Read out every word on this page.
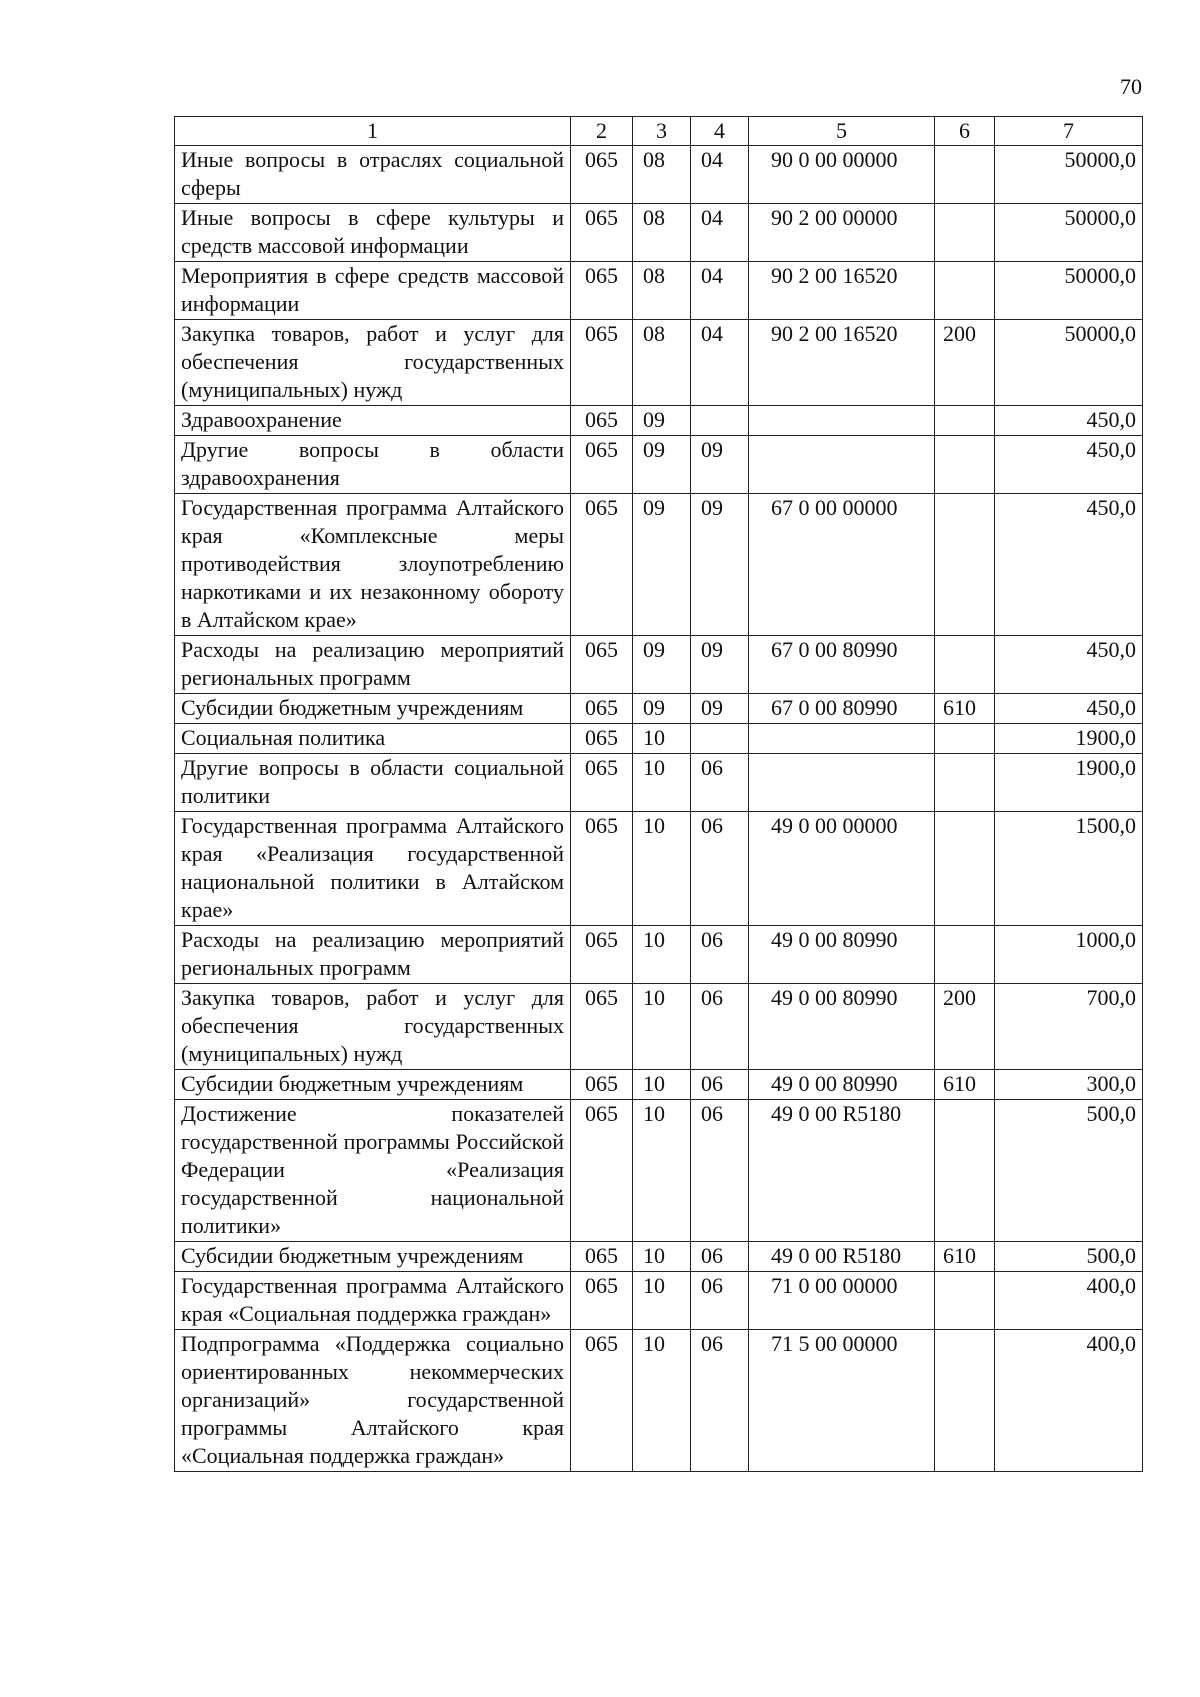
70
1	2	3	4	5	6	7
Иные вопросы в отраслях социальной сферы	065	08	04	90 0 00 00000		50000,0
Иные вопросы в сфере культуры и средств массовой информации	065	08	04	90 2 00 00000		50000,0
Мероприятия в сфере средств массовой информации	065	08	04	90 2 00 16520		50000,0
Закупка товаров, работ и услуг для обеспечения государственных (муниципальных) нужд	065	08	04	90 2 00 16520	200	50000,0
Здравоохранение	065	09				450,0
Другие вопросы в области здравоохранения	065	09	09			450,0
Государственная программа Алтайского края «Комплексные меры противодействия злоупотреблению наркотиками и их незаконному обороту в Алтайском крае»	065	09	09	67 0 00 00000		450,0
Расходы на реализацию мероприятий региональных программ	065	09	09	67 0 00 80990		450,0
Субсидии бюджетным учреждениям	065	09	09	67 0 00 80990	610	450,0
Социальная политика	065	10				1900,0
Другие вопросы в области социальной политики	065	10	06			1900,0
Государственная программа Алтайского края «Реализация государственной национальной политики в Алтайском крае»	065	10	06	49 0 00 00000		1500,0
Расходы на реализацию мероприятий региональных программ	065	10	06	49 0 00 80990		1000,0
Закупка товаров, работ и услуг для обеспечения государственных (муниципальных) нужд	065	10	06	49 0 00 80990	200	700,0
Субсидии бюджетным учреждениям	065	10	06	49 0 00 80990	610	300,0
Достижение показателей государственной программы Российской Федерации «Реализация государственной национальной политики»	065	10	06	49 0 00 R5180		500,0
Субсидии бюджетным учреждениям	065	10	06	49 0 00 R5180	610	500,0
Государственная программа Алтайского края «Социальная поддержка граждан»	065	10	06	71 0 00 00000		400,0
Подпрограмма «Поддержка социально ориентированных некоммерческих организаций» государственной программы Алтайского края «Социальная поддержка граждан»	065	10	06	71 5 00 00000		400,0
